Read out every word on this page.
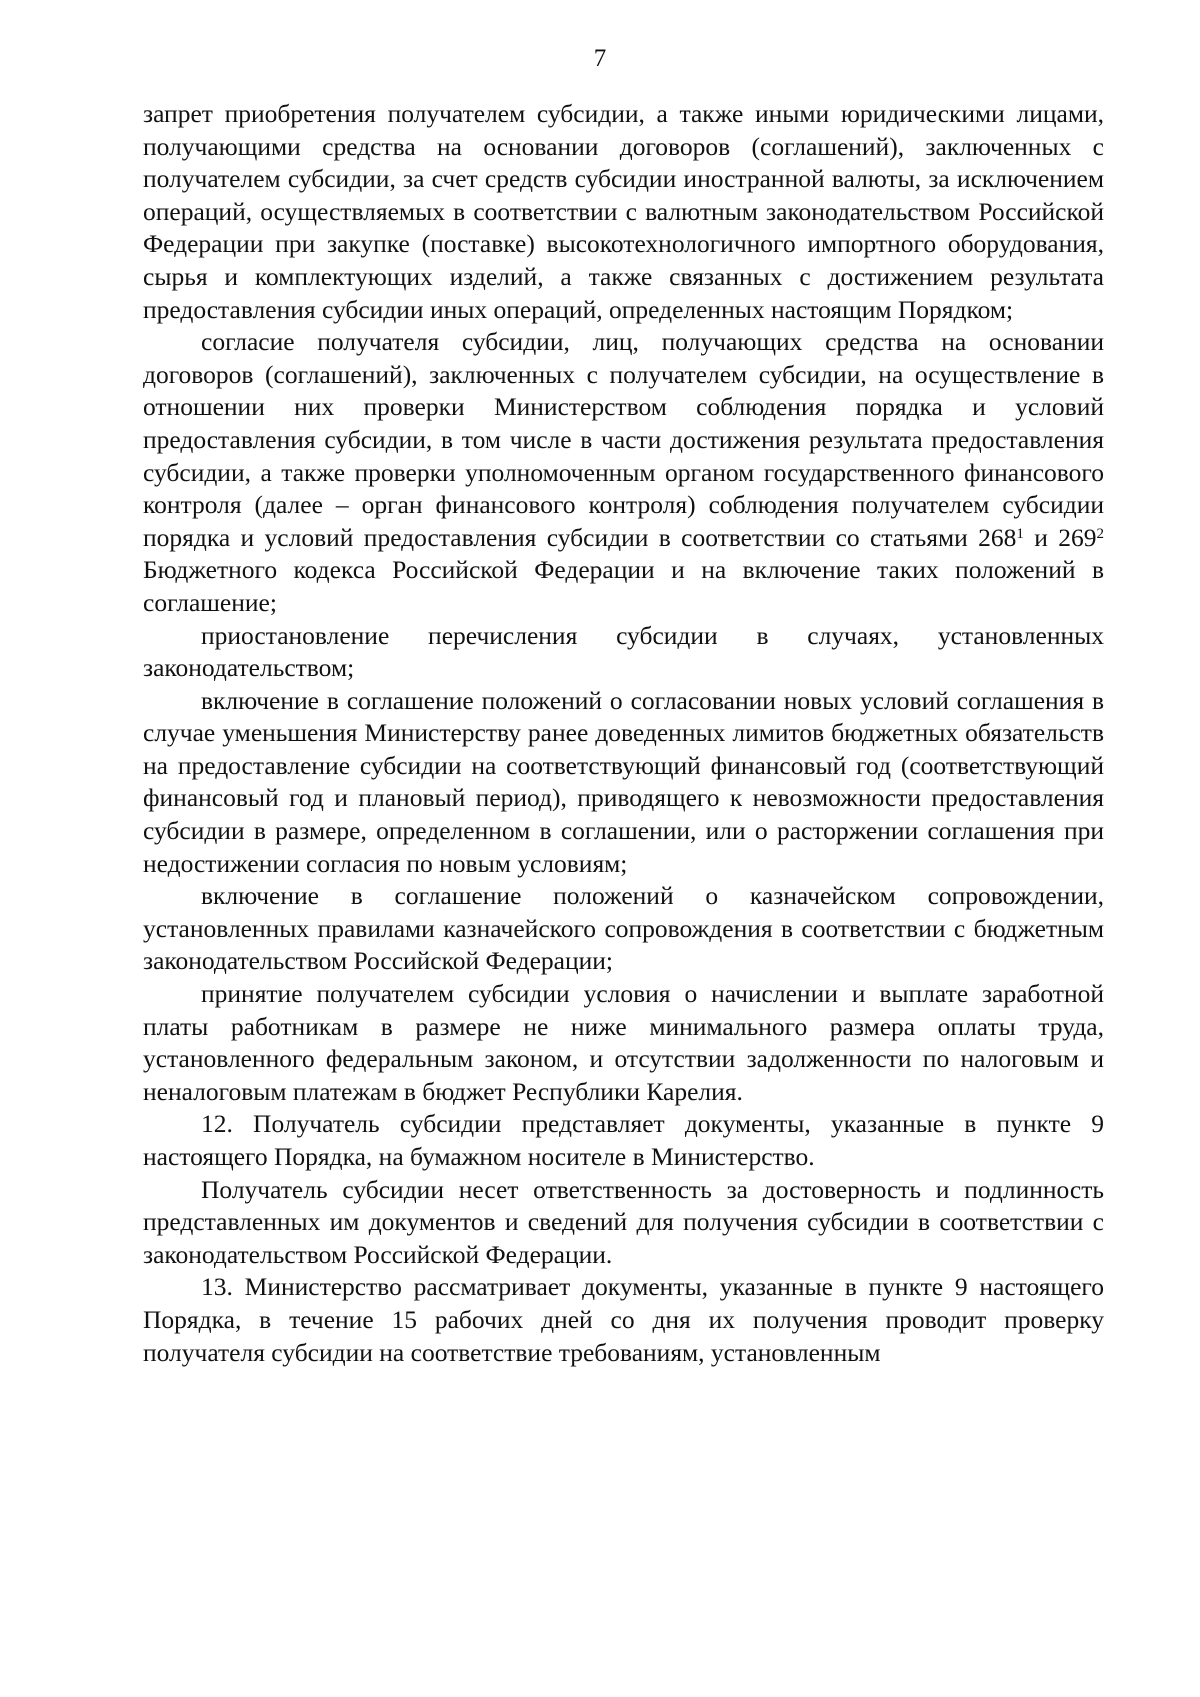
7

запрет приобретения получателем субсидии, а также иными юридическими лицами, получающими средства на основании договоров (соглашений), заключенных с получателем субсидии, за счет средств субсидии иностранной валюты, за исключением операций, осуществляемых в соответствии с валютным законодательством Российской Федерации при закупке (поставке) высокотехнологичного импортного оборудования, сырья и комплектующих изделий, а также связанных с достижением результата предоставления субсидии иных операций, определенных настоящим Порядком;

согласие получателя субсидии, лиц, получающих средства на основании договоров (соглашений), заключенных с получателем субсидии, на осуществление в отношении них проверки Министерством соблюдения порядка и условий предоставления субсидии, в том числе в части достижения результата предоставления субсидии, а также проверки уполномоченным органом государственного финансового контроля (далее – орган финансового контроля) соблюдения получателем субсидии порядка и условий предоставления субсидии в соответствии со статьями $268^1$ и $269^2$ Бюджетного кодекса Российской Федерации и на включение таких положений в соглашение;

приостановление перечисления субсидии в случаях, установленных законодательством;

включение в соглашение положений о согласовании новых условий соглашения в случае уменьшения Министерству ранее доведенных лимитов бюджетных обязательств на предоставление субсидии на соответствующий финансовый год (соответствующий финансовый год и плановый период), приводящего к невозможности предоставления субсидии в размере, определенном в соглашении, или о расторжении соглашения при недостижении согласия по новым условиям;

включение в соглашение положений о казначейском сопровождении, установленных правилами казначейского сопровождения в соответствии с бюджетным законодательством Российской Федерации;

принятие получателем субсидии условия о начислении и выплате заработной платы работникам в размере не ниже минимального размера оплаты труда, установленного федеральным законом, и отсутствии задолженности по налоговым и неналоговым платежам в бюджет Республики Карелия.

12. Получатель субсидии представляет документы, указанные в пункте 9 настоящего Порядка, на бумажном носителе в Министерство.

Получатель субсидии несет ответственность за достоверность и подлинность представленных им документов и сведений для получения субсидии в соответствии с законодательством Российской Федерации.

13. Министерство рассматривает документы, указанные в пункте 9 настоящего Порядка, в течение 15 рабочих дней со дня их получения проводит проверку получателя субсидии на соответствие требованиям, установленным
